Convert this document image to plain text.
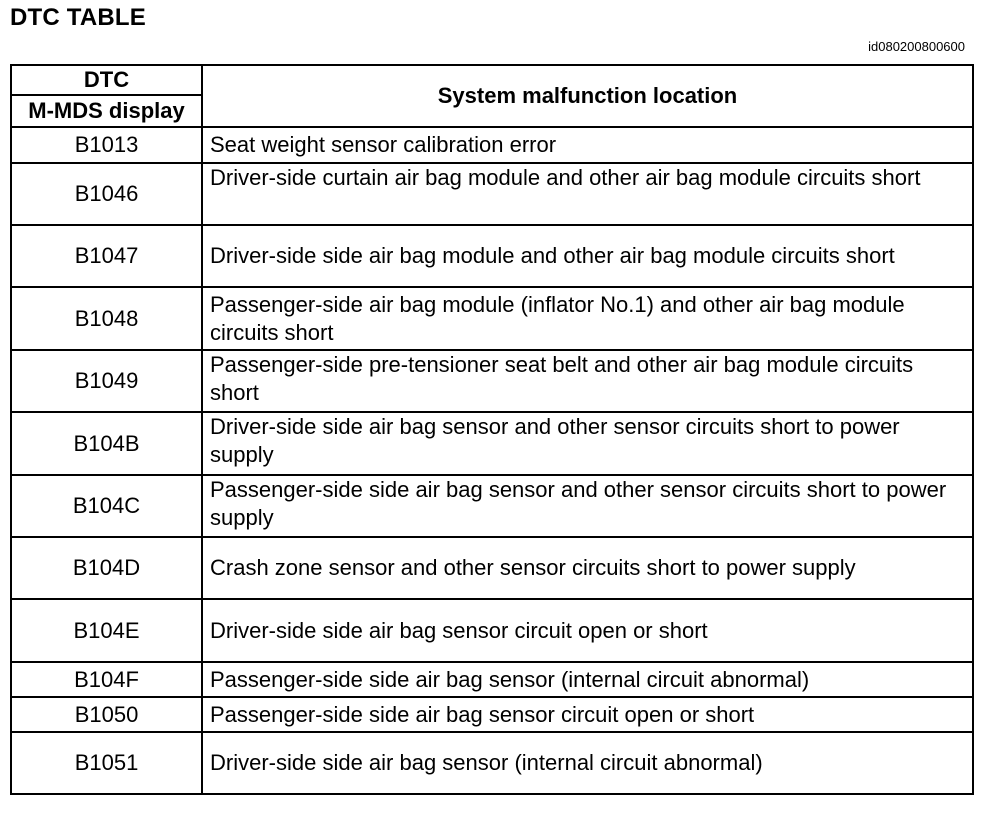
DTC TABLE
id080200800600
DTC	System malfunction location
M-MDS display	
B1013	Seat weight sensor calibration error
B1046	Driver-side curtain air bag module and other air bag module circuits short
B1047	Driver-side side air bag module and other air bag module circuits short
B1048	Passenger-side air bag module (inflator No.1) and other air bag module circuits short
B1049	Passenger-side pre-tensioner seat belt and other air bag module circuits short
B104B	Driver-side side air bag sensor and other sensor circuits short to power supply
B104C	Passenger-side side air bag sensor and other sensor circuits short to power supply
B104D	Crash zone sensor and other sensor circuits short to power supply
B104E	Driver-side side air bag sensor circuit open or short
B104F	Passenger-side side air bag sensor (internal circuit abnormal)
B1050	Passenger-side side air bag sensor circuit open or short
B1051	Driver-side side air bag sensor (internal circuit abnormal)
